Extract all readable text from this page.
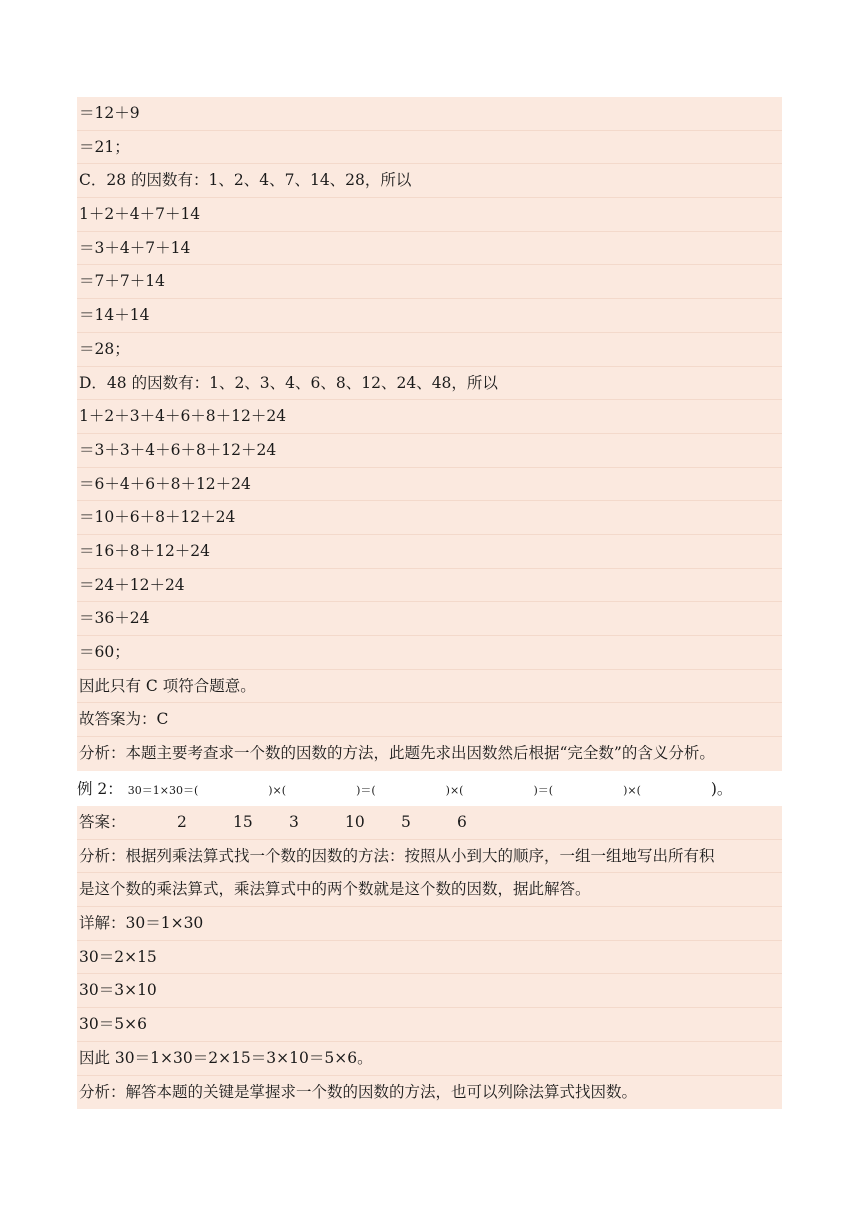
＝12＋9
＝21；
C．28 的因数有：1、2、4、7、14、28，所以
1＋2＋4＋7＋14
＝3＋4＋7＋14
＝7＋7＋14
＝14＋14
＝28；
D．48 的因数有：1、2、3、4、6、8、12、24、48，所以
1＋2＋3＋4＋6＋8＋12＋24
＝3＋3＋4＋6＋8＋12＋24
＝6＋4＋6＋8＋12＋24
＝10＋6＋8＋12＋24
＝16＋8＋12＋24
＝24＋12＋24
＝36＋24
＝60；
因此只有 C 项符合题意。
故答案为：C
分析：本题主要考查求一个数的因数的方法，此题先求出因数然后根据“完全数”的含义分析。
例 2： 30＝1×30＝(	)×(	)＝(	)×(	)＝(	)×(	)。
答案：	2	15 3	10 5	6
分析：根据列乘法算式找一个数的因数的方法：按照从小到大的顺序，一组一组地写出所有积
是这个数的乘法算式，乘法算式中的两个数就是这个数的因数，据此解答。
详解：30＝1×30
30＝2×15
30＝3×10
30＝5×6
因此 30＝1×30＝2×15＝3×10＝5×6。
分析：解答本题的关键是掌握求一个数的因数的方法，也可以列除法算式找因数。
